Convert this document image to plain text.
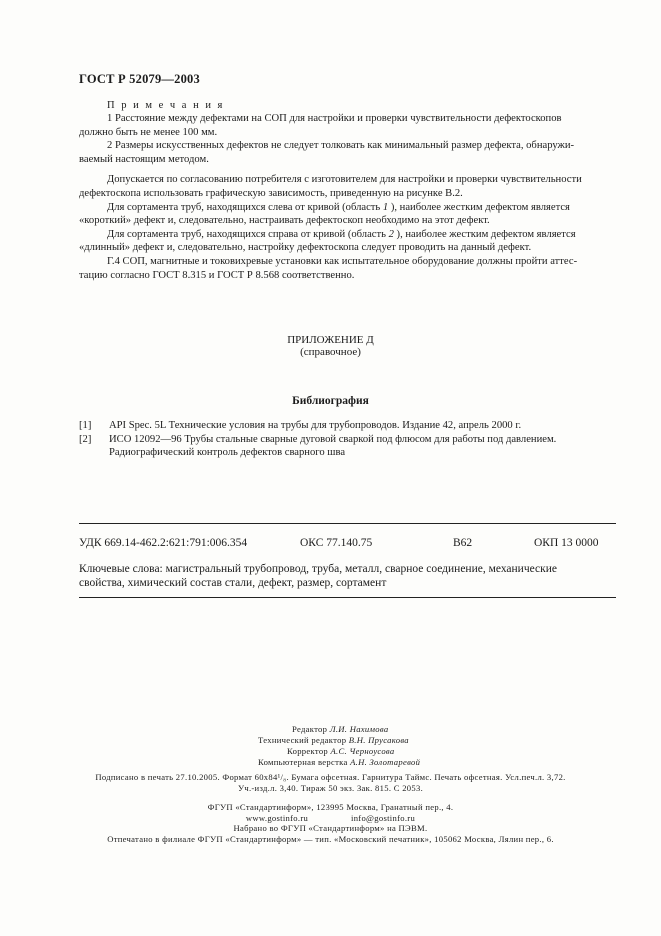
ГОСТ Р 52079—2003
П р и м е ч а н и я

1 Расстояние между дефектами на СОП для настройки и проверки чувствительности дефектоскопов

должно быть не менее 100 мм.

2 Размеры искусственных дефектов не следует толковать как минимальный размер дефекта, обнаружи-

ваемый настоящим методом.

Допускается по согласованию потребителя с изготовителем для настройки и проверки чувствительности

дефектоскопа использовать графическую зависимость, приведенную на рисунке В.2.

Для сортамента труб, находящихся слева от кривой (область 1 ), наиболее жестким дефектом является

«короткий» дефект и, следовательно, настраивать дефектоскоп необходимо на этот дефект.

Для сортамента труб, находящихся справа от кривой (область 2 ), наиболее жестким дефектом является

«длинный» дефект и, следовательно, настройку дефектоскопа следует проводить на данный дефект.

Г.4 СОП, магнитные и токовихревые установки как испытательное оборудование должны пройти аттес-

тацию согласно ГОСТ 8.315 и ГОСТ Р 8.568 соответственно.

ПРИЛОЖЕНИЕ Д
(справочное)
Библиография
[1]	API Spec. 5L Технические условия на трубы для трубопроводов. Издание 42, апрель 2000 г.
[2]	ИСО 12092—96 Трубы стальные сварные дуговой сваркой под флюсом для работы под давлением.
Радиографический контроль дефектов сварного шва
УДК 669.14-462.2:621:791:006.354	ОКС 77.140.75	В62	ОКП 13 0000
Ключевые слова: магистральный трубопровод, труба, металл, сварное соединение, механические
свойства, химический состав стали, дефект, размер, сортамент
Редактор Л.И. Нахимова
Технический редактор В.Н. Прусакова
Корректор А.С. Черноусова
Компьютерная верстка А.Н. Золотаревой
Подписано в печать 27.10.2005. Формат 60х84¹/₈. Бумага офсетная. Гарнитура Таймс. Печать офсетная. Усл.печ.л. 3,72.
Уч.-изд.л. 3,40. Тираж 50 экз. Зак. 815. С 2053.
ФГУП «Стандартинформ», 123995 Москва, Гранатный пер., 4.
www.gostinfo.ru	info@gostinfo.ru
Набрано во ФГУП «Стандартинформ» на ПЭВМ.
Отпечатано в филиале ФГУП «Стандартинформ» — тип. «Московский печатник», 105062 Москва, Лялин пер., 6.
